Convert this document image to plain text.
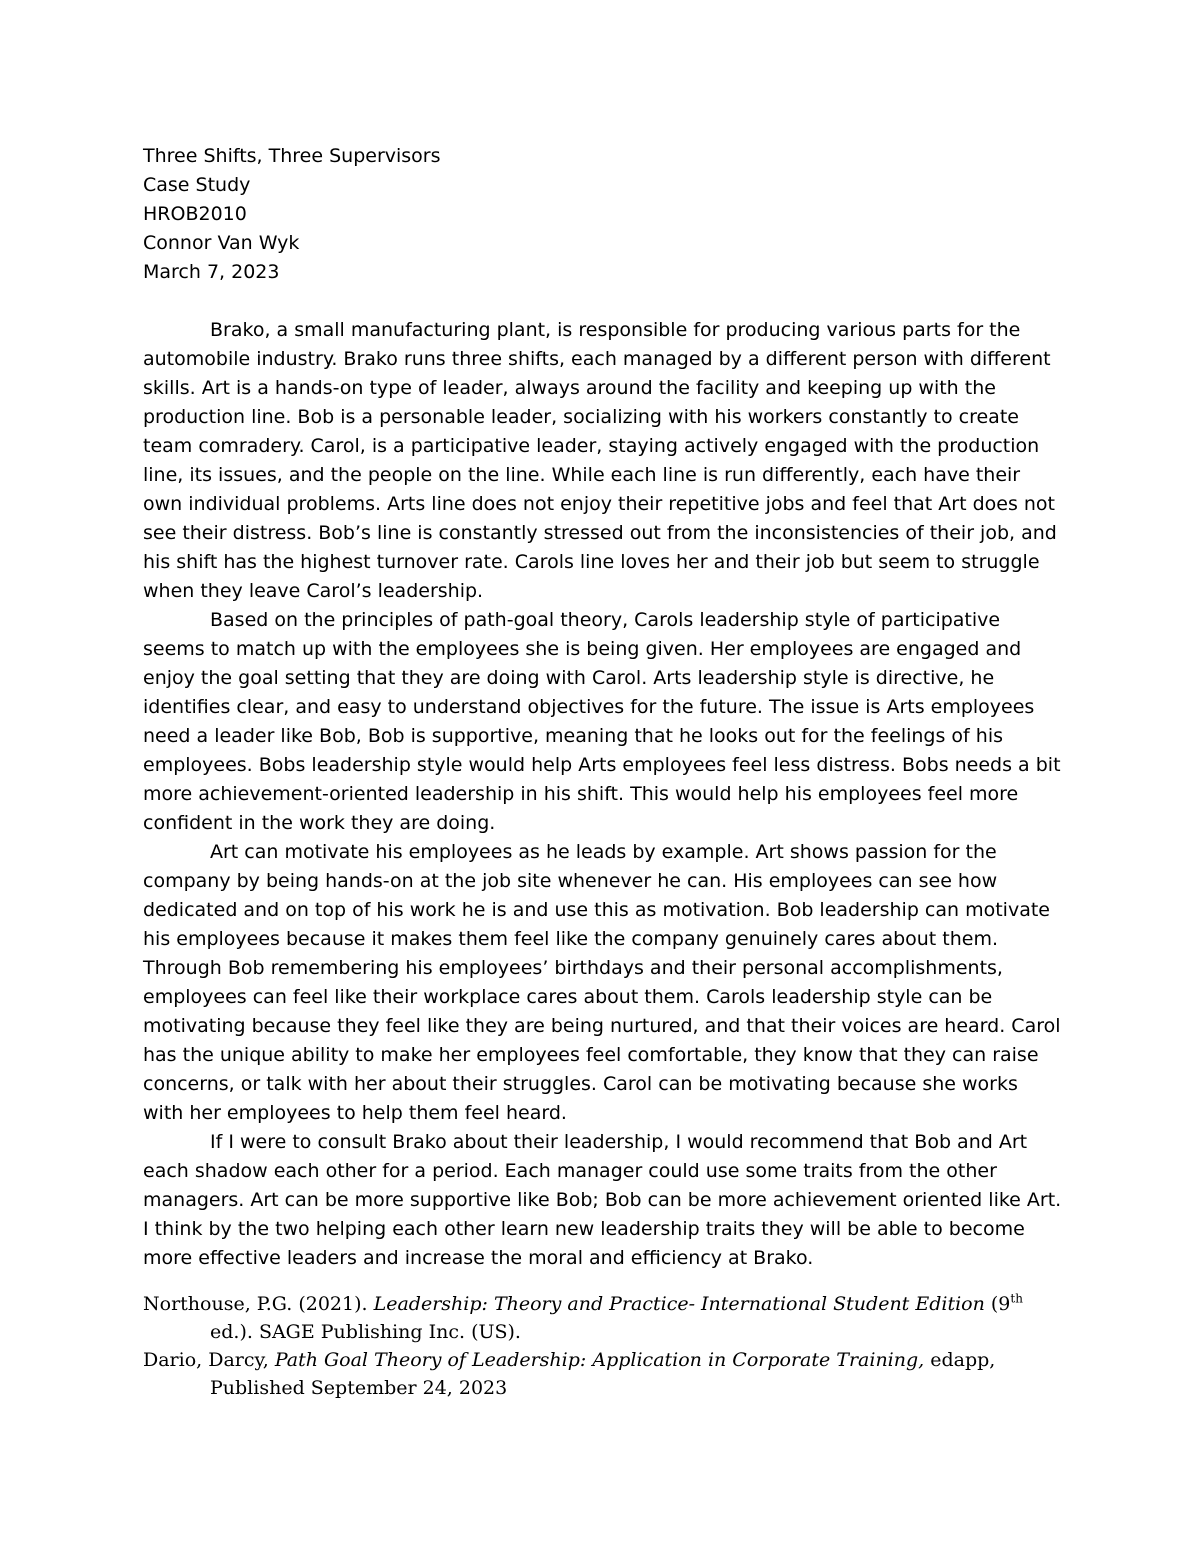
Three Shifts, Three Supervisors
Case Study
HROB2010
Connor Van Wyk
March 7, 2023

Brako, a small manufacturing plant, is responsible for producing various parts for the automobile industry. Brako runs three shifts, each managed by a different person with different skills. Art is a hands-on type of leader, always around the facility and keeping up with the production line. Bob is a personable leader, socializing with his workers constantly to create team comradery. Carol, is a participative leader, staying actively engaged with the production line, its issues, and the people on the line. While each line is run differently, each have their own individual problems. Arts line does not enjoy their repetitive jobs and feel that Art does not see their distress. Bob’s line is constantly stressed out from the inconsistencies of their job, and his shift has the highest turnover rate. Carols line loves her and their job but seem to struggle when they leave Carol’s leadership.

Based on the principles of path-goal theory, Carols leadership style of participative seems to match up with the employees she is being given. Her employees are engaged and enjoy the goal setting that they are doing with Carol. Arts leadership style is directive, he identifies clear, and easy to understand objectives for the future. The issue is Arts employees need a leader like Bob, Bob is supportive, meaning that he looks out for the feelings of his employees. Bobs leadership style would help Arts employees feel less distress. Bobs needs a bit more achievement-oriented leadership in his shift. This would help his employees feel more confident in the work they are doing.

Art can motivate his employees as he leads by example. Art shows passion for the company by being hands-on at the job site whenever he can. His employees can see how dedicated and on top of his work he is and use this as motivation. Bob leadership can motivate his employees because it makes them feel like the company genuinely cares about them. Through Bob remembering his employees’ birthdays and their personal accomplishments, employees can feel like their workplace cares about them. Carols leadership style can be motivating because they feel like they are being nurtured, and that their voices are heard. Carol has the unique ability to make her employees feel comfortable, they know that they can raise concerns, or talk with her about their struggles. Carol can be motivating because she works with her employees to help them feel heard.

If I were to consult Brako about their leadership, I would recommend that Bob and Art each shadow each other for a period. Each manager could use some traits from the other managers. Art can be more supportive like Bob; Bob can be more achievement oriented like Art. I think by the two helping each other learn new leadership traits they will be able to become more effective leaders and increase the moral and efficiency at Brako.

Northouse, P.G. (2021). Leadership: Theory and Practice- International Student Edition (9th ed.). SAGE Publishing Inc. (US).

Dario, Darcy, Path Goal Theory of Leadership: Application in Corporate Training, edapp, Published September 24, 2023
